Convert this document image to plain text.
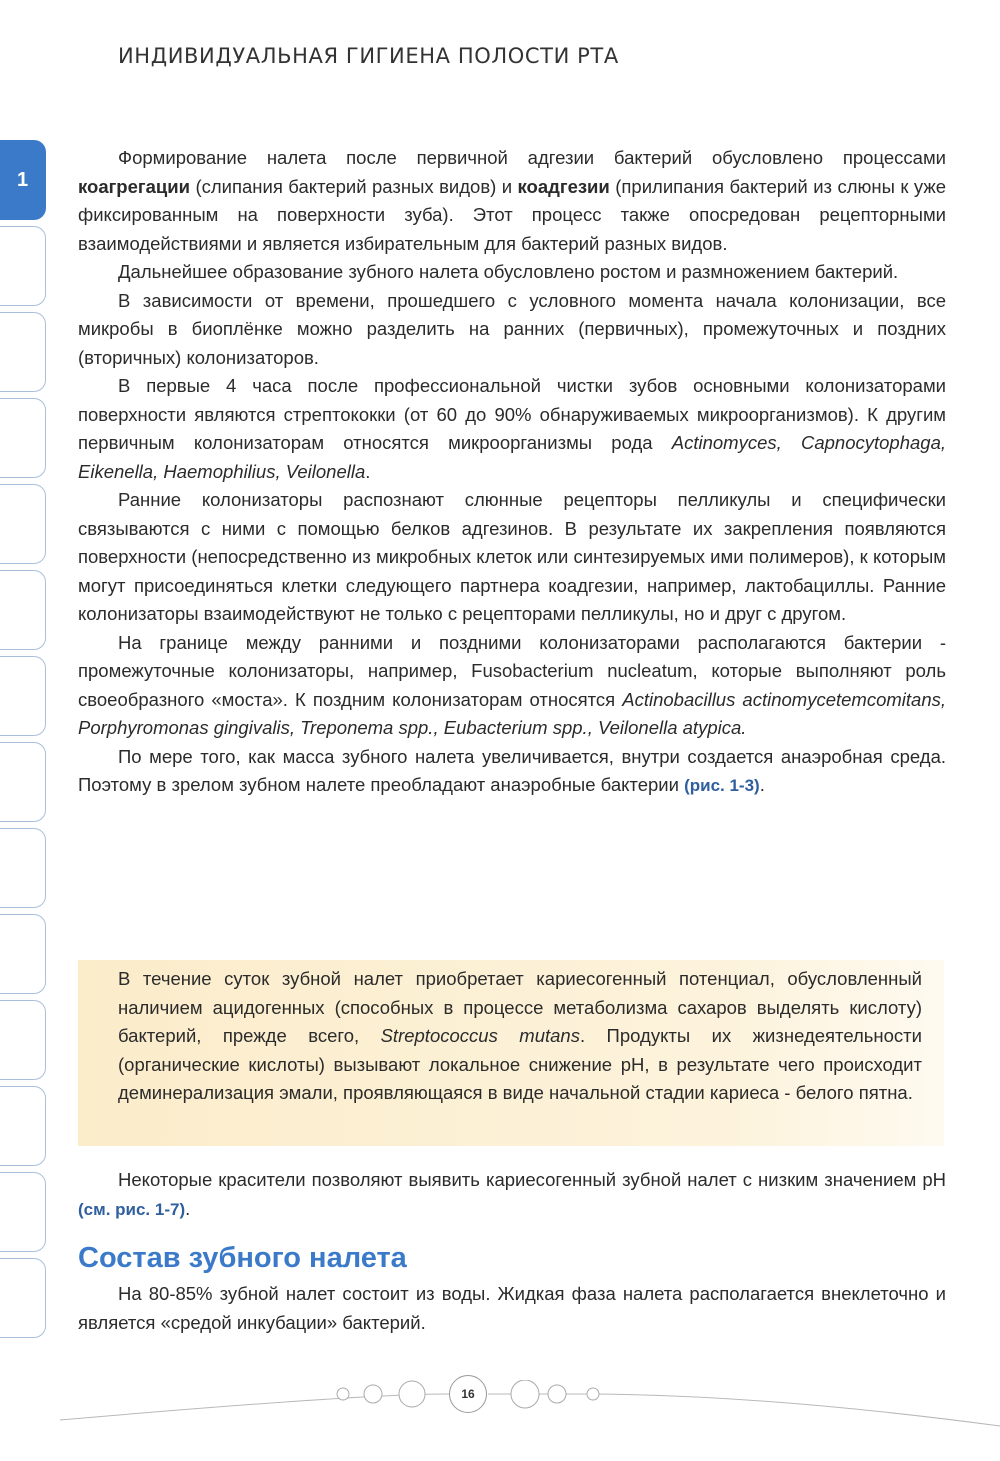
ИНДИВИДУАЛЬНАЯ ГИГИЕНА ПОЛОСТИ РТА
1

Формирование налета после первичной адгезии бактерий обусловлено процессами коагрегации (слипания бактерий разных видов) и коадгезии (прилипания бактерий из слюны к уже фиксированным на поверхности зуба). Этот процесс также опосредован рецепторными взаимодействиями и является избирательным для бактерий разных видов.

Дальнейшее образование зубного налета обусловлено ростом и размножением бактерий.

В зависимости от времени, прошедшего с условного момента начала колонизации, все микробы в биоплёнке можно разделить на ранних (первичных), промежуточных и поздних (вторичных) колонизаторов.

В первые 4 часа после профессиональной чистки зубов основными колонизаторами поверхности являются стрептококки (от 60 до 90% обнаруживаемых микроорганизмов). К другим первичным колонизаторам относятся микроорганизмы рода Actinomyces, Capnocytophaga, Eikenella, Haemophilius, Veilonella.

Ранние колонизаторы распознают слюнные рецепторы пелликулы и специфически связываются с ними с помощью белков адгезинов. В результате их закрепления появляются поверхности (непосредственно из микробных клеток или синтезируемых ими полимеров), к которым могут присоединяться клетки следующего партнера коадгезии, например, лактобациллы. Ранние колонизаторы взаимодействуют не только с рецепторами пелликулы, но и друг с другом.

На границе между ранними и поздними колонизаторами располагаются бактерии - промежуточные колонизаторы, например, Fusobacterium nucleatum, которые выполняют роль своеобразного «моста». К поздним колонизаторам относятся Actinobacillus actinomycetemcomitans, Porphyromonas gingivalis, Treponema spp., Eubacterium spp., Veilonella atypica.

По мере того, как масса зубного налета увеличивается, внутри создается анаэробная среда. Поэтому в зрелом зубном налете преобладают анаэробные бактерии (рис. 1-3).

В течение суток зубной налет приобретает кариесогенный потенциал, обусловленный наличием ацидогенных (способных в процессе метаболизма сахаров выделять кислоту) бактерий, прежде всего, Streptococcus mutans. Продукты их жизнедеятельности (органические кислоты) вызывают локальное снижение pH, в результате чего происходит деминерализация эмали, проявляющаяся в виде начальной стадии кариеса - белого пятна.

Некоторые красители позволяют выявить кариесогенный зубной налет с низким значением pH (см. рис. 1-7).

Состав зубного налета

На 80-85% зубной налет состоит из воды. Жидкая фаза налета располагается внеклеточно и является «средой инкубации» бактерий.

16
